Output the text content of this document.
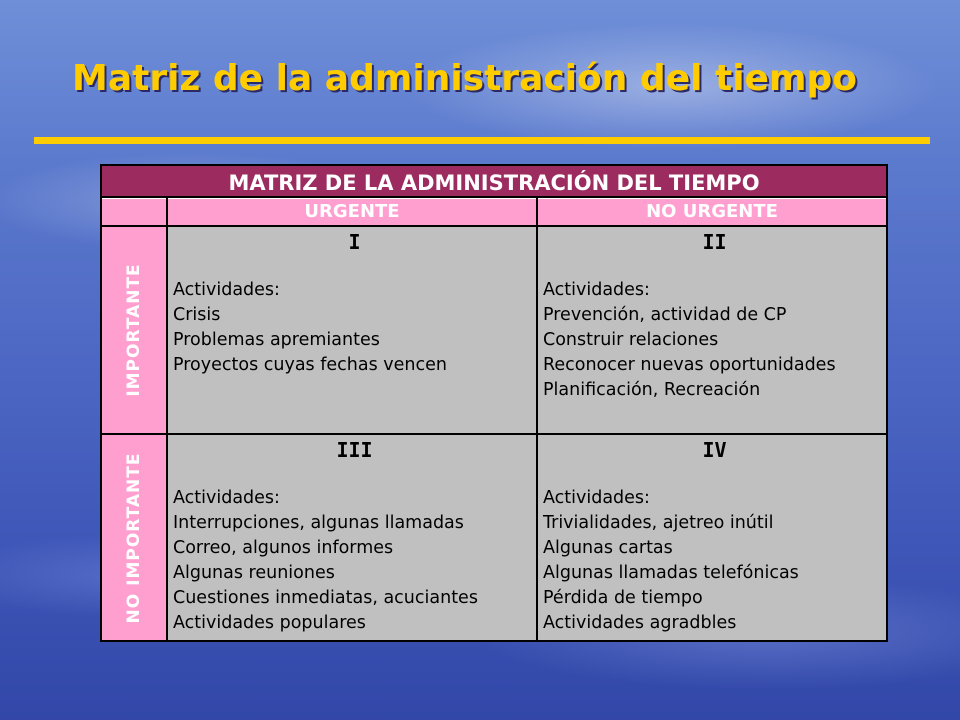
Matriz de la administración del tiempo
MATRIZ DE LA ADMINISTRACIÓN DEL TIEMPO
URGENTE	NO URGENTE
IMPORTANTE
NO IMPORTANTE
I
Actividades:
Crisis
Problemas apremiantes
Proyectos cuyas fechas vencen
II
Actividades:
Prevención, actividad de CP
Construir relaciones
Reconocer nuevas oportunidades
Planificación, Recreación
III
Actividades:
Interrupciones, algunas llamadas
Correo, algunos informes
Algunas reuniones
Cuestiones inmediatas, acuciantes
Actividades populares
IV
Actividades:
Trivialidades, ajetreo inútil
Algunas cartas
Algunas llamadas telefónicas
Pérdida de tiempo
Actividades agradbles
